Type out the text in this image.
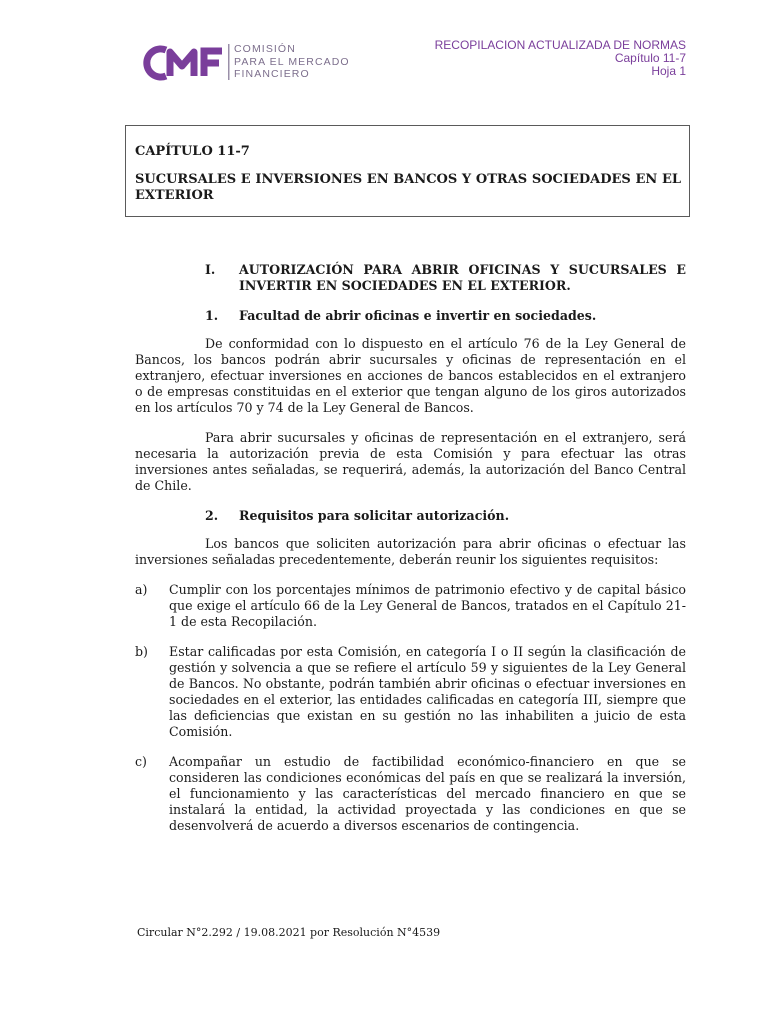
COMISIÓN
PARA EL MERCADO
FINANCIERO
RECOPILACION ACTUALIZADA DE NORMAS
Capítulo 11-7
Hoja 1
CAPÍTULO 11-7
SUCURSALES E INVERSIONES EN BANCOS Y OTRAS SOCIEDADES EN EL EXTERIOR
I.	AUTORIZACIÓN PARA ABRIR OFICINAS Y SUCURSALES E INVERTIR EN SOCIEDADES EN EL EXTERIOR.
1.	Facultad de abrir oficinas e invertir en sociedades.

De conformidad con lo dispuesto en el artículo 76 de la Ley General de Bancos, los bancos podrán abrir sucursales y oficinas de representación en el extranjero, efectuar inversiones en acciones de bancos establecidos en el extranjero o de empresas constituidas en el exterior que tengan alguno de los giros autorizados en los artículos 70 y 74 de la Ley General de Bancos.

Para abrir sucursales y oficinas de representación en el extranjero, será necesaria la autorización previa de esta Comisión y para efectuar las otras inversiones antes señaladas, se requerirá, además, la autorización del Banco Central de Chile.

2.	Requisitos para solicitar autorización.

Los bancos que soliciten autorización para abrir oficinas o efectuar las inversiones señaladas precedentemente, deberán reunir los siguientes requisitos:

a)	Cumplir con los porcentajes mínimos de patrimonio efectivo y de capital básico que exige el artículo 66 de la Ley General de Bancos, tratados en el Capítulo 21-1 de esta Recopilación.
b)	Estar calificadas por esta Comisión, en categoría I o II según la clasificación de gestión y solvencia a que se refiere el artículo 59 y siguientes de la Ley General de Bancos. No obstante, podrán también abrir oficinas o efectuar inversiones en sociedades en el exterior, las entidades calificadas en categoría III, siempre que las deficiencias que existan en su gestión no las inhabiliten a juicio de esta Comisión.
c)	Acompañar un estudio de factibilidad económico-financiero en que se consideren las condiciones económicas del país en que se realizará la inversión, el funcionamiento y las características del mercado financiero en que se instalará la entidad, la actividad proyectada y las condiciones en que se desenvolverá de acuerdo a diversos escenarios de contingencia.
Circular N°2.292 / 19.08.2021 por Resolución N°4539
